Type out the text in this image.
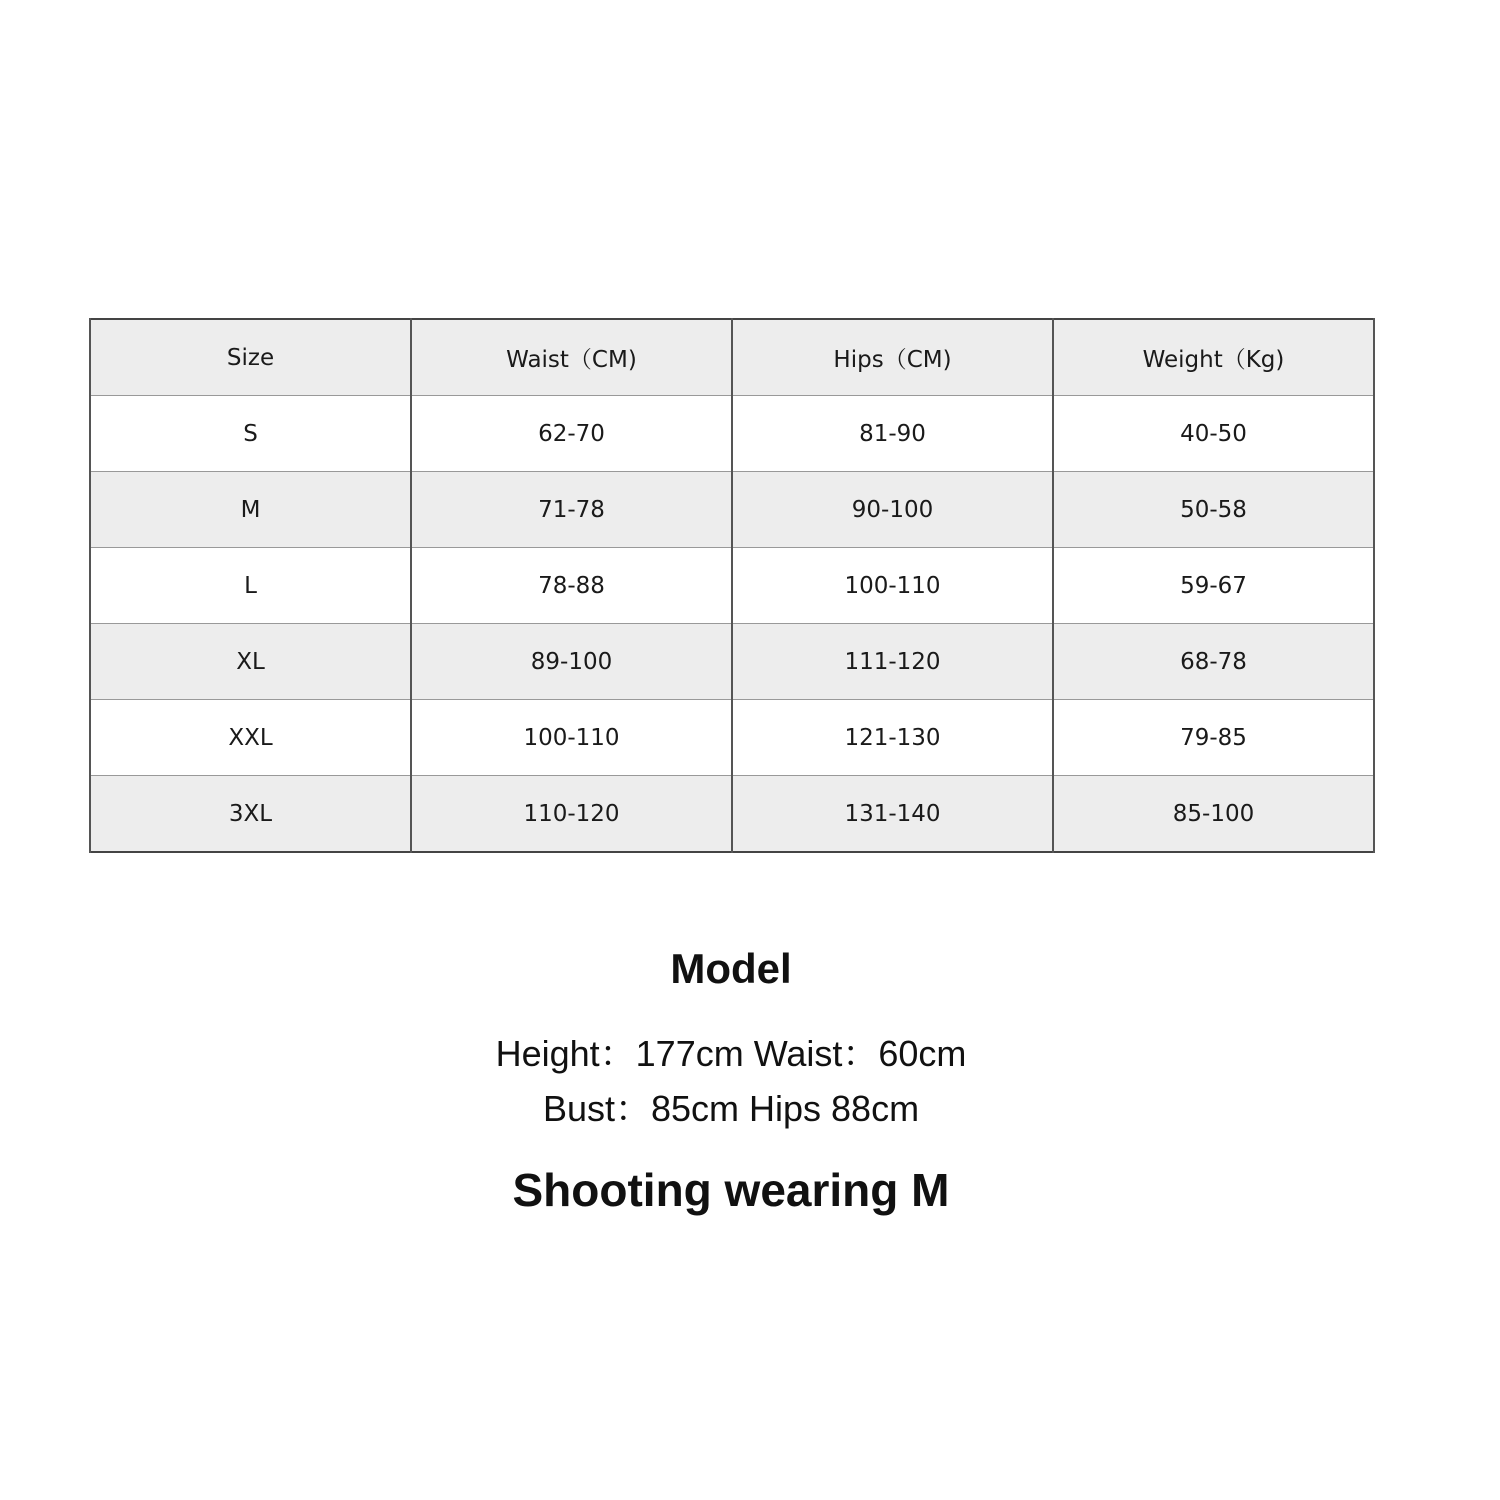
Size	Waist（CM)	Hips（CM)	Weight（Kg)
S	62-70	81-90	40-50
M	71-78	90-100	50-58
L	78-88	100-110	59-67
XL	89-100	111-120	68-78
XXL	100-110	121-130	79-85
3XL	110-120	131-140	85-100

Model

Height：177cm Waist：60cm

Bust：85cm Hips 88cm

Shooting wearing M
